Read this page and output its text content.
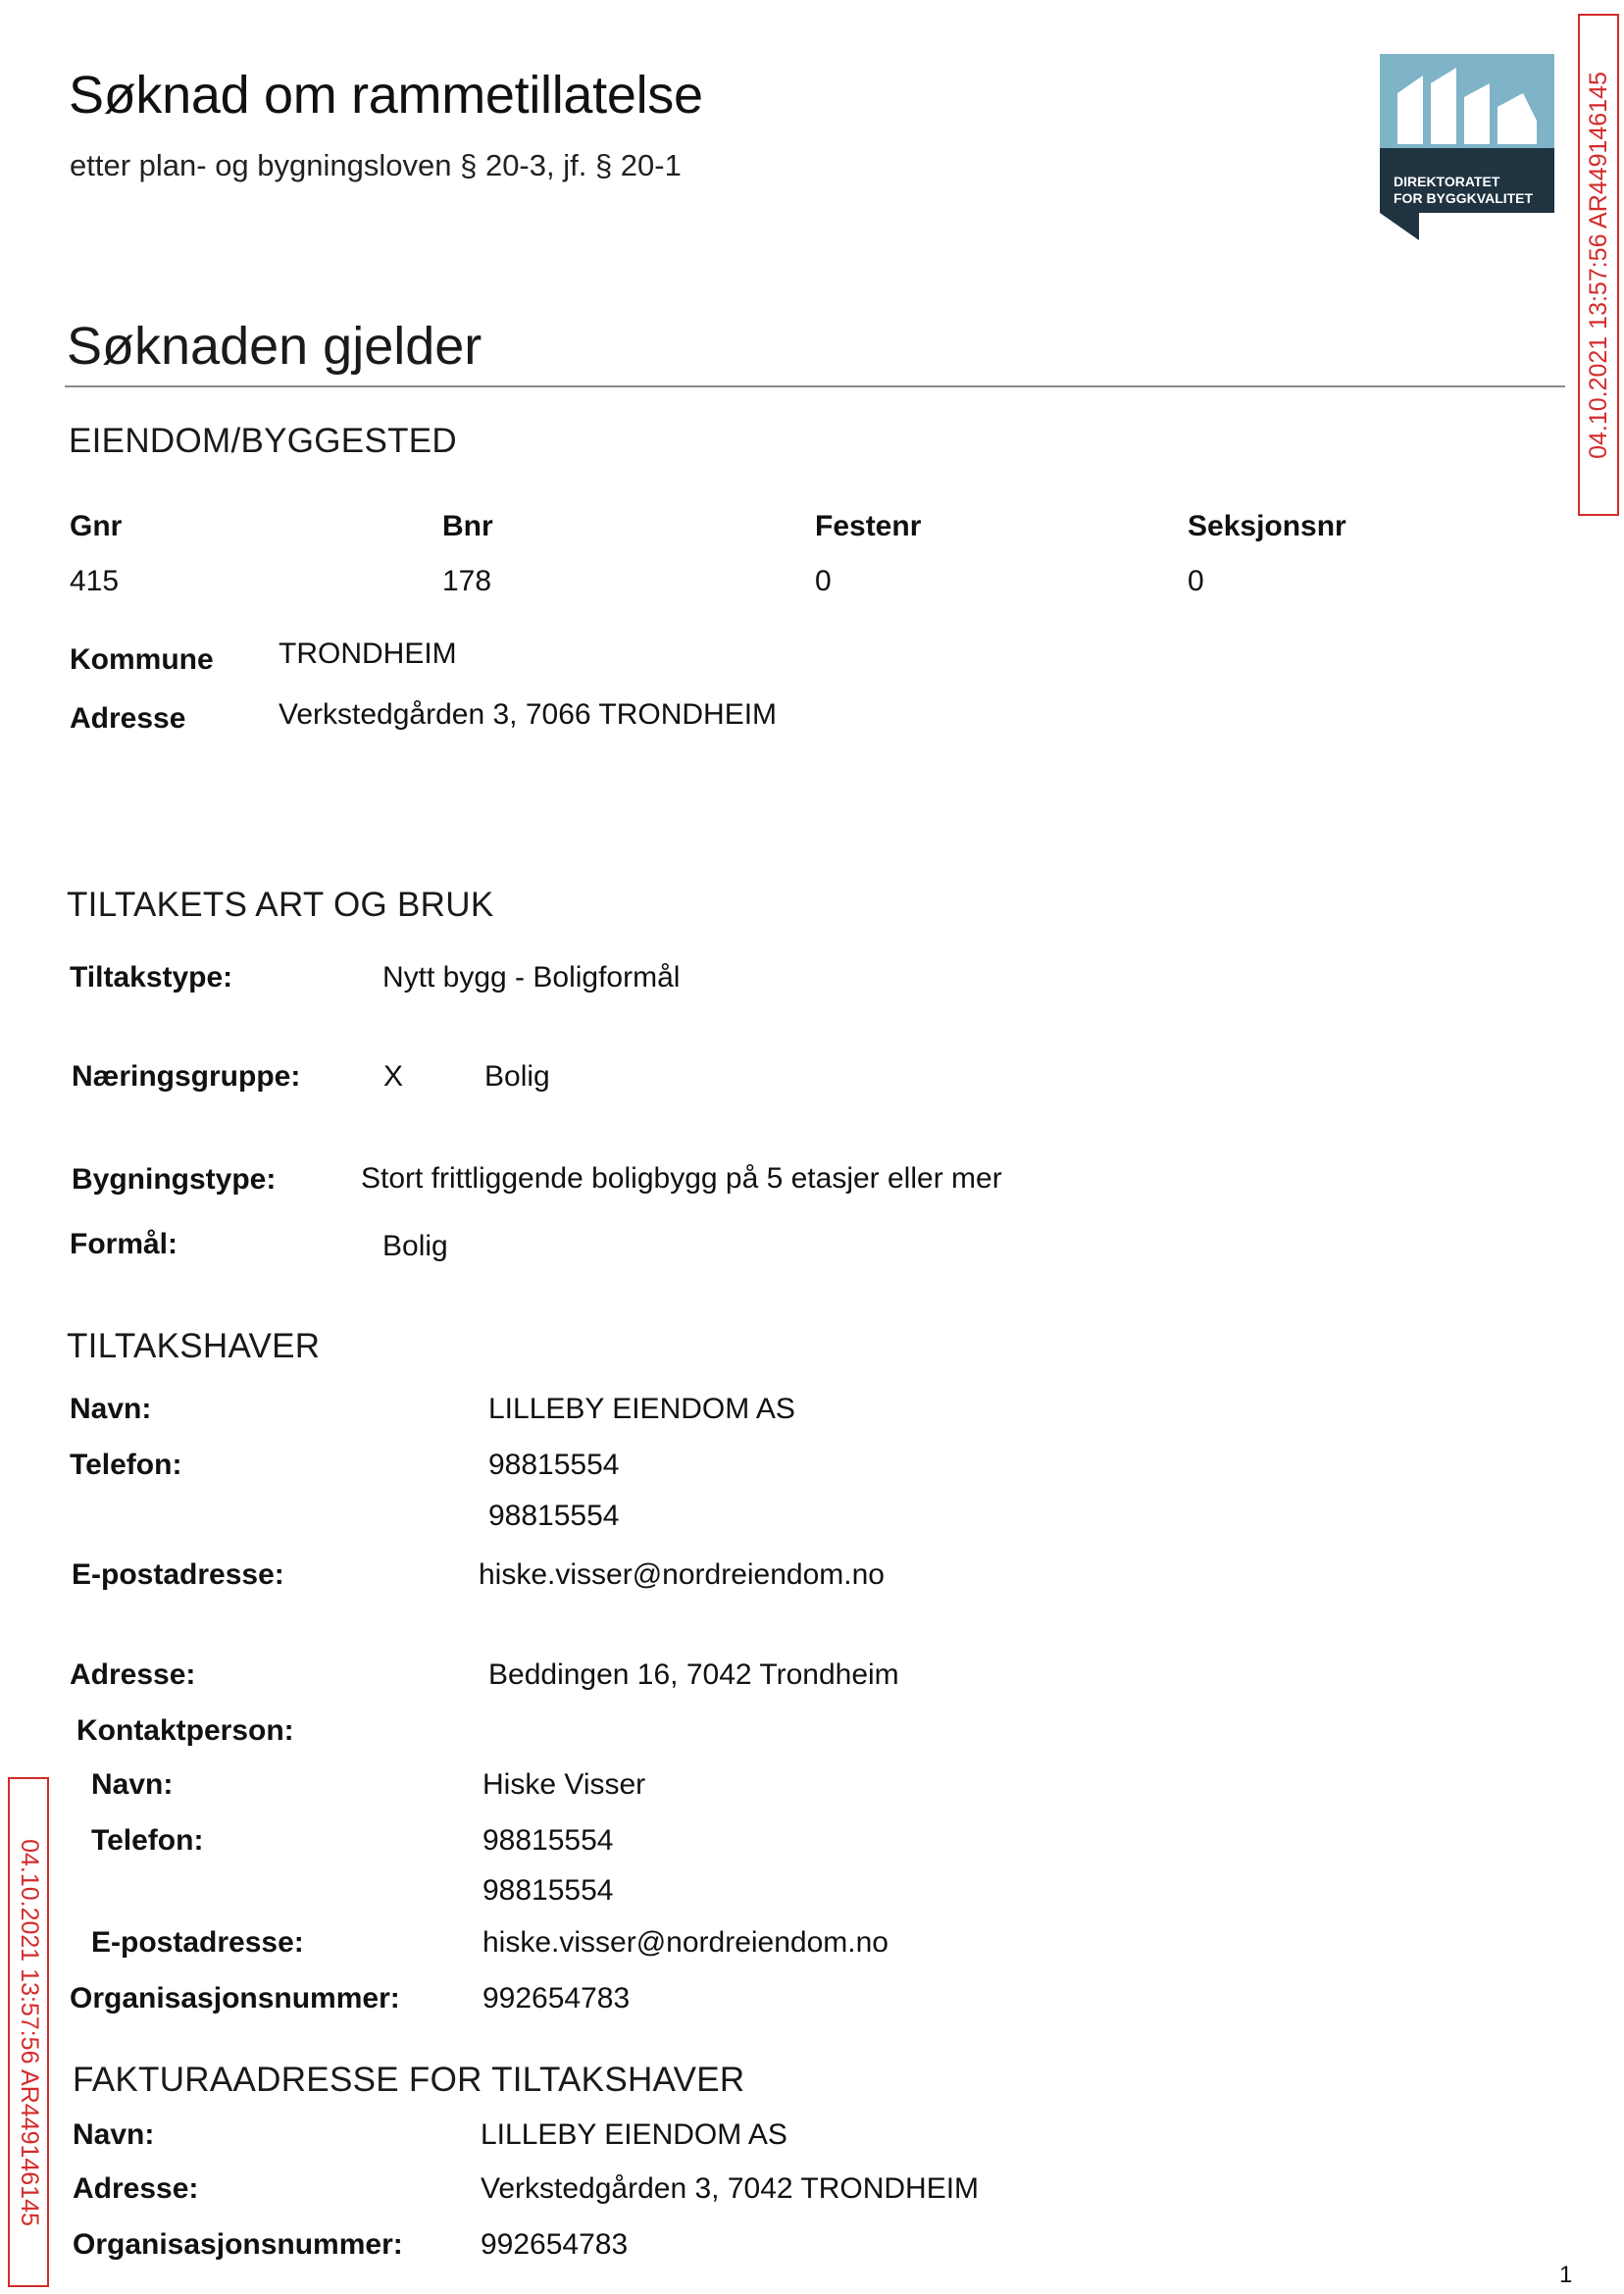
Søknad om rammetillatelse
etter plan- og bygningsloven § 20-3, jf. § 20-1	DIREKTORATET
FOR BYGGKVALITET 04.10.2021 13:57:56 AR449146145
04.10.2021 13:57:56 AR449146145
Søknaden gjelder
EIENDOM/BYGGESTED
Gnr	Bnr	Festenr	Seksjonsnr
415	178	0	0
Kommune TRONDHEIM
Adresse	Verkstedgården 3, 7066 TRONDHEIM
TILTAKETS ART OG BRUK
Tiltakstype:	Nytt bygg - Boligformål
Næringsgruppe:	X	Bolig
Bygningstype:	Stort frittliggende boligbygg på 5 etasjer eller mer
Formål:	Bolig
TILTAKSHAVER
Navn:	LILLEBY EIENDOM AS
Telefon:	98815554
98815554
E-postadresse:	hiske.visser@nordreiendom.no
Adresse:	Beddingen 16, 7042 Trondheim
Kontaktperson:
Navn:	Hiske Visser
Telefon:	98815554
98815554
E-postadresse:	hiske.visser@nordreiendom.no
Organisasjonsnummer:	992654783
FAKTURAADRESSE FOR TILTAKSHAVER
Navn:	LILLEBY EIENDOM AS
Adresse:	Verkstedgården 3, 7042 TRONDHEIM
Organisasjonsnummer:	992654783
1
